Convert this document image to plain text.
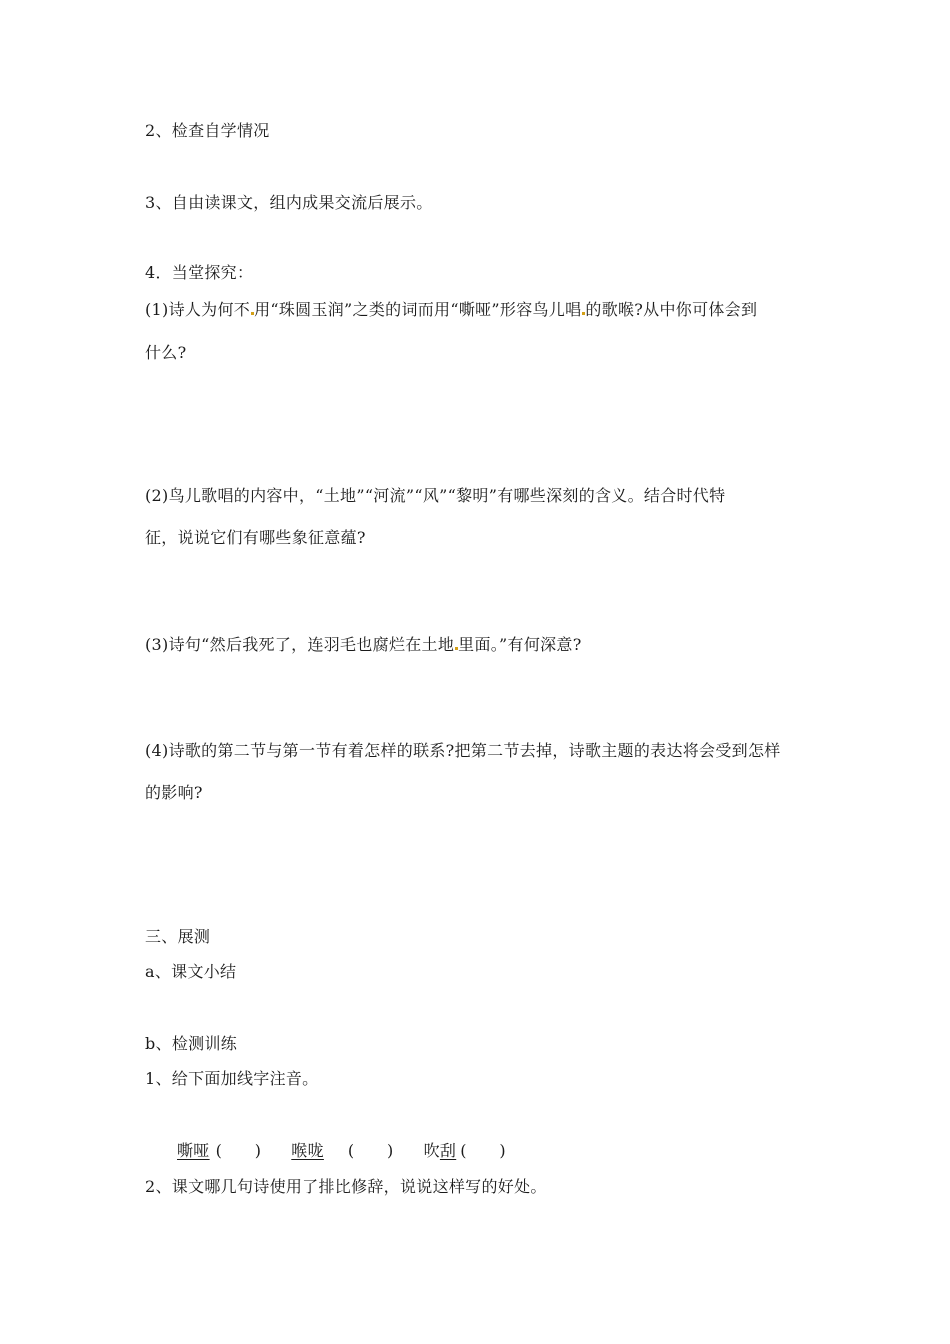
2、检查自学情况
3、自由读课文，组内成果交流后展示。
4．当堂探究：
(1)诗人为何不 用“珠圆玉润”之类的词而用“嘶哑”形容鸟儿唱 的歌喉?从中你可体会到
什么?
(2)鸟儿歌唱的内容中，“土地”“河流”“风”“黎明”有哪些深刻的含义。结合时代特
征，说说它们有哪些象征意蕴?
(3)诗句“然后我死了，连羽毛也腐烂在土地 里面。”有何深意?
(4)诗歌的第二节与第一节有着怎样的联系?把第二节去掉，诗歌主题的表达将会受到怎样
的影响?
三、展测
a、课文小结
b、检测训练
1、给下面加线字注音。
嘶哑 (　　) 喉咙 (　　) 吹刮 (　　)
2、课文哪几句诗使用了排比修辞，说说这样写的好处。
